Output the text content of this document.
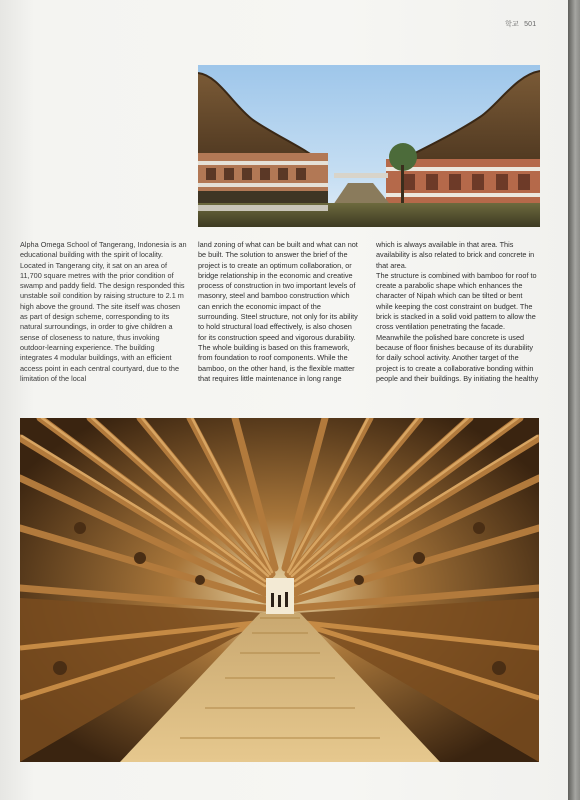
학교 501

Alpha Omega School of Tangerang, Indonesia is an educational building with the spirit of locality. Located in Tangerang city, it sat on an area of 11,700 square metres with the prior condition of swamp and paddy field. The design responded this unstable soil condition by raising structure to 2.1 m high above the ground. The site itself was chosen as part of design scheme, corresponding to its natural surroundings, in order to give children a sense of closeness to nature, thus invoking outdoor-learning experience. The building integrates 4 modular buildings, with an efficient access point in each central courtyard, due to the limitation of the local

land zoning of what can be built and what can not be built. The solution to answer the brief of the project is to create an optimum collaboration, or bridge relationship in the economic and creative process of construction in two important levels of masonry, steel and bamboo construction which can enrich the economic impact of the surrounding. Steel structure, not only for its ability to hold structural load effectively, is also chosen for its construction speed and vigorous durability. The whole building is based on this framework, from foundation to roof components. While the bamboo, on the other hand, is the flexible matter that requires little maintenance in long range

which is always available in that area. This availability is also related to brick and concrete in that area.

The structure is combined with bamboo for roof to create a parabolic shape which enhances the character of Nipah which can be tilted or bent while keeping the cost constraint on budget. The brick is stacked in a solid void pattern to allow the cross ventilation penetrating the facade. Meanwhile the polished bare concrete is used because of floor finishes because of its durability for daily school activity. Another target of the project is to create a collaborative bonding within people and their buildings. By initiating the healthy
